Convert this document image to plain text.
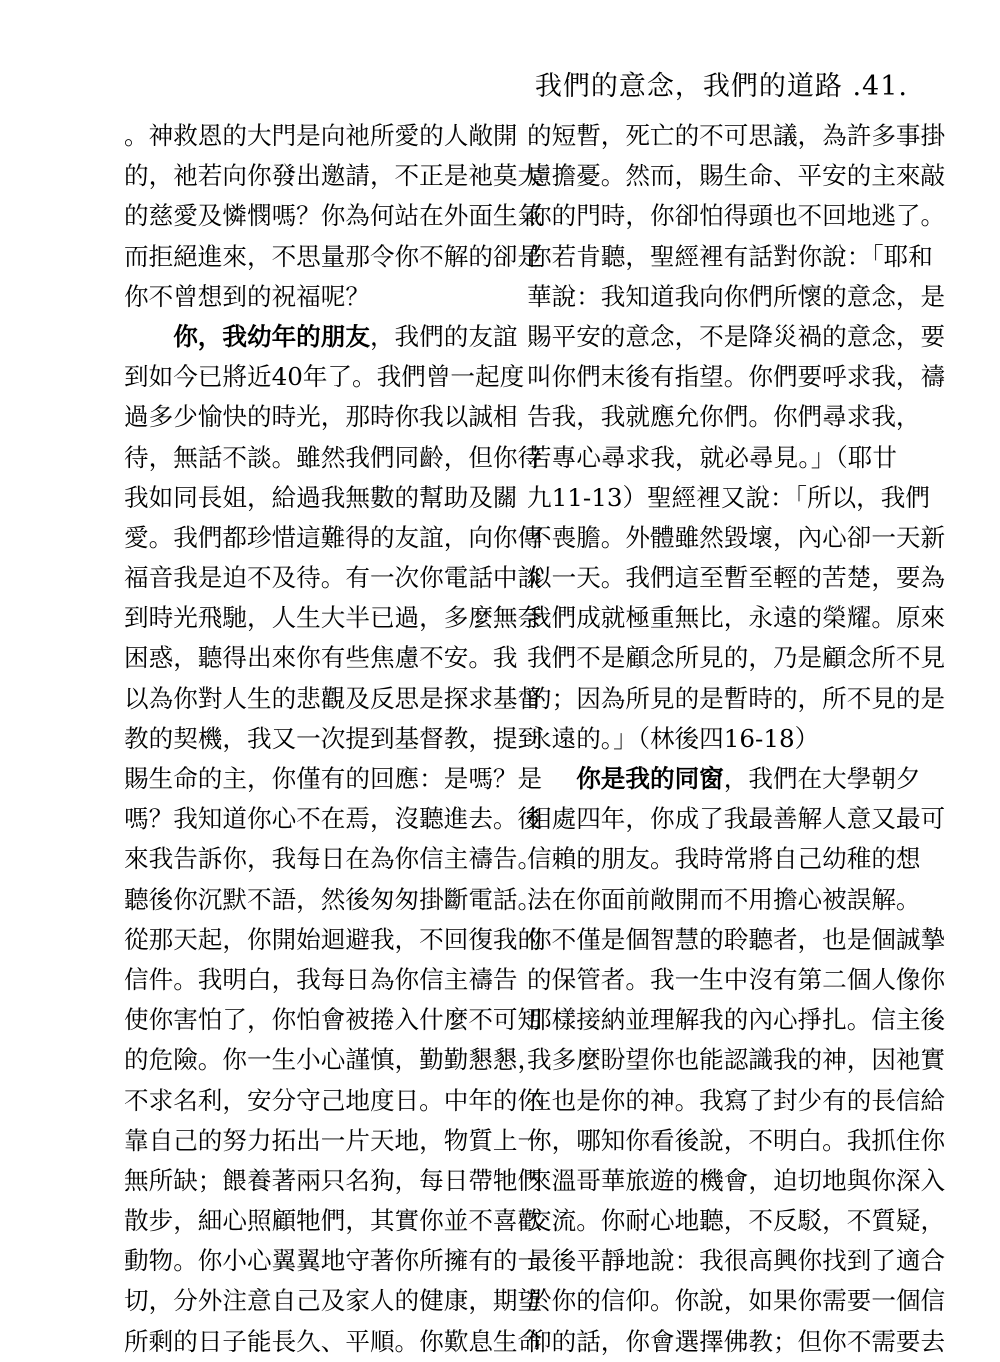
我們的意念，我們的道路 .41.
。神救恩的大門是向祂所愛的人敞開
的，祂若向你發出邀請，不正是祂莫大
的慈愛及憐憫嗎？你為何站在外面生氣
而拒絕進來，不思量那令你不解的卻是
你不曾想到的祝福呢？
你，我幼年的朋友，我們的友誼
到如今已將近40年了。我們曾一起度
過多少愉快的時光，那時你我以誠相
待，無話不談。雖然我們同齡，但你待
我如同長姐，給過我無數的幫助及關
愛。我們都珍惜這難得的友誼，向你傳
福音我是迫不及待。有一次你電話中談
到時光飛馳，人生大半已過，多麼無奈
困惑，聽得出來你有些焦慮不安。我
以為你對人生的悲觀及反思是探求基督
教的契機，我又一次提到基督教，提到
賜生命的主，你僅有的回應：是嗎？是
嗎？我知道你心不在焉，沒聽進去。後
來我告訴你，我每日在為你信主禱告。
聽後你沉默不語，然後匆匆掛斷電話。
從那天起，你開始迴避我，不回復我的
信件。我明白，我每日為你信主禱告
使你害怕了，你怕會被捲入什麼不可知
的危險。你一生小心謹慎，勤勤懇懇，
不求名利，安分守己地度日。中年的你
靠自己的努力拓出一片天地，物質上一
無所缺；餵養著兩只名狗，每日帶牠們
散步，細心照顧牠們，其實你並不喜歡
動物。你小心翼翼地守著你所擁有的一
切，分外注意自己及家人的健康，期望
所剩的日子能長久、平順。你歎息生命
的短暫，死亡的不可思議，為許多事掛
慮擔憂。然而，賜生命、平安的主來敲
你的門時，你卻怕得頭也不回地逃了。
你若肯聽，聖經裡有話對你說：「耶和
華說：我知道我向你們所懷的意念，是
賜平安的意念，不是降災禍的意念，要
叫你們末後有指望。你們要呼求我，禱
告我，我就應允你們。你們尋求我，
若專心尋求我，就必尋見。」（耶廿
九11-13）聖經裡又說：「所以，我們
不喪膽。外體雖然毀壞，內心卻一天新
似一天。我們這至暫至輕的苦楚，要為
我們成就極重無比，永遠的榮耀。原來
我們不是顧念所見的，乃是顧念所不見
的；因為所見的是暫時的，所不見的是
永遠的。」（林後四16-18）
你是我的同窗，我們在大學朝夕
相處四年，你成了我最善解人意又最可
信賴的朋友。我時常將自己幼稚的想
法在你面前敞開而不用擔心被誤解。
你不僅是個智慧的聆聽者，也是個誠摯
的保管者。我一生中沒有第二個人像你
那樣接納並理解我的內心掙扎。信主後
我多麼盼望你也能認識我的神，因祂實
在也是你的神。我寫了封少有的長信給
你，哪知你看後說，不明白。我抓住你
來溫哥華旅遊的機會，迫切地與你深入
交流。你耐心地聽，不反駁，不質疑，
最後平靜地說：我很高興你找到了適合
於你的信仰。你說，如果你需要一個信
仰的話，你會選擇佛教；但你不需要去
